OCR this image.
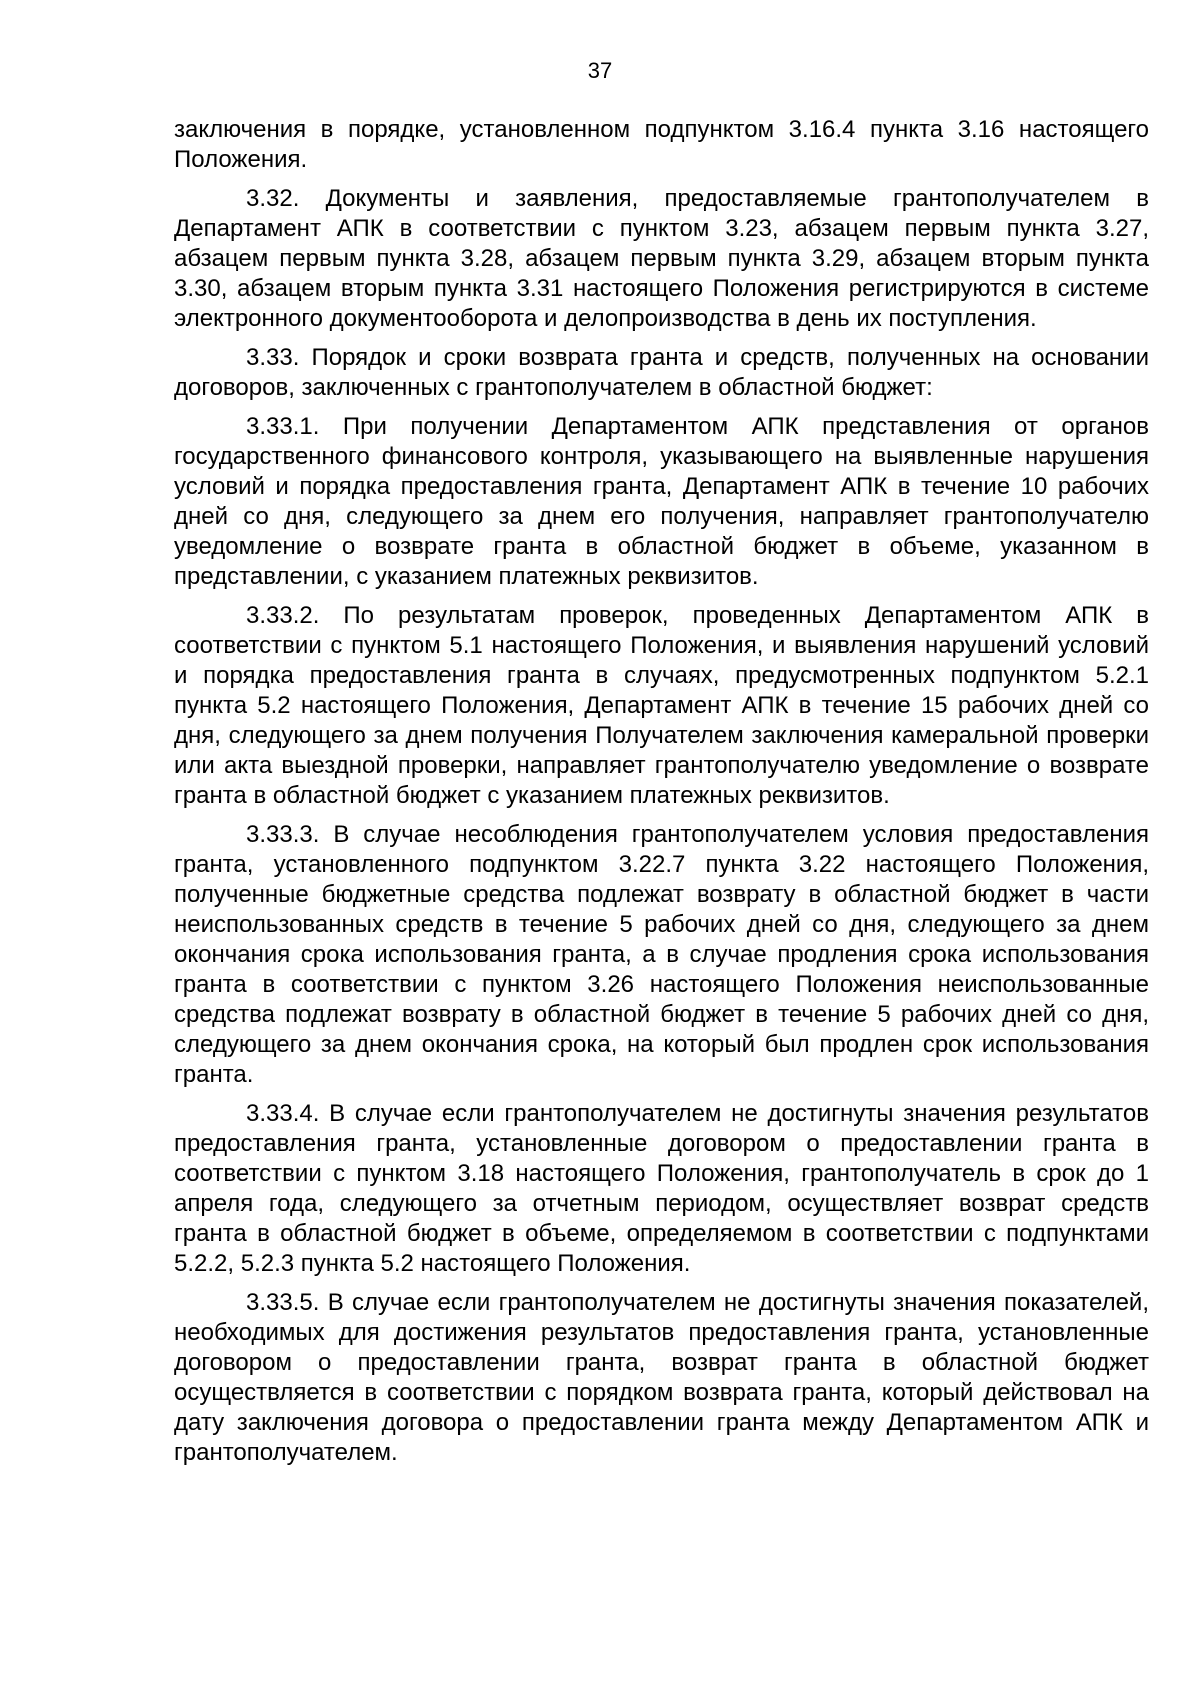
37

заключения в порядке, установленном подпунктом 3.16.4 пункта 3.16 настоящего Положения.

3.32. Документы и заявления, предоставляемые грантополучателем в Департамент АПК в соответствии с пунктом 3.23, абзацем первым пункта 3.27, абзацем первым пункта 3.28, абзацем первым пункта 3.29, абзацем вторым пункта 3.30, абзацем вторым пункта 3.31 настоящего Положения регистрируются в системе электронного документооборота и делопроизводства в день их поступления.

3.33. Порядок и сроки возврата гранта и средств, полученных на основании договоров, заключенных с грантополучателем в областной бюджет:

3.33.1. При получении Департаментом АПК представления от органов государственного финансового контроля, указывающего на выявленные нарушения условий и порядка предоставления гранта, Департамент АПК в течение 10 рабочих дней со дня, следующего за днем его получения, направляет грантополучателю уведомление о возврате гранта в областной бюджет в объеме, указанном в представлении, с указанием платежных реквизитов.

3.33.2. По результатам проверок, проведенных Департаментом АПК в соответствии с пунктом 5.1 настоящего Положения, и выявления нарушений условий и порядка предоставления гранта в случаях, предусмотренных подпунктом 5.2.1 пункта 5.2 настоящего Положения, Департамент АПК в течение 15 рабочих дней со дня, следующего за днем получения Получателем заключения камеральной проверки или акта выездной проверки, направляет грантополучателю уведомление о возврате гранта в областной бюджет с указанием платежных реквизитов.

3.33.3. В случае несоблюдения грантополучателем условия предоставления гранта, установленного подпунктом 3.22.7 пункта 3.22 настоящего Положения, полученные бюджетные средства подлежат возврату в областной бюджет в части неиспользованных средств в течение 5 рабочих дней со дня, следующего за днем окончания срока использования гранта, а в случае продления срока использования гранта в соответствии с пунктом 3.26 настоящего Положения неиспользованные средства подлежат возврату в областной бюджет в течение 5 рабочих дней со дня, следующего за днем окончания срока, на который был продлен срок использования гранта.

3.33.4. В случае если грантополучателем не достигнуты значения результатов предоставления гранта, установленные договором о предоставлении гранта в соответствии с пунктом 3.18 настоящего Положения, грантополучатель в срок до 1 апреля года, следующего за отчетным периодом, осуществляет возврат средств гранта в областной бюджет в объеме, определяемом в соответствии с подпунктами 5.2.2, 5.2.3 пункта 5.2 настоящего Положения.

3.33.5. В случае если грантополучателем не достигнуты значения показателей, необходимых для достижения результатов предоставления гранта, установленные договором о предоставлении гранта, возврат гранта в областной бюджет осуществляется в соответствии с порядком возврата гранта, который действовал на дату заключения договора о предоставлении гранта между Департаментом АПК и грантополучателем.
